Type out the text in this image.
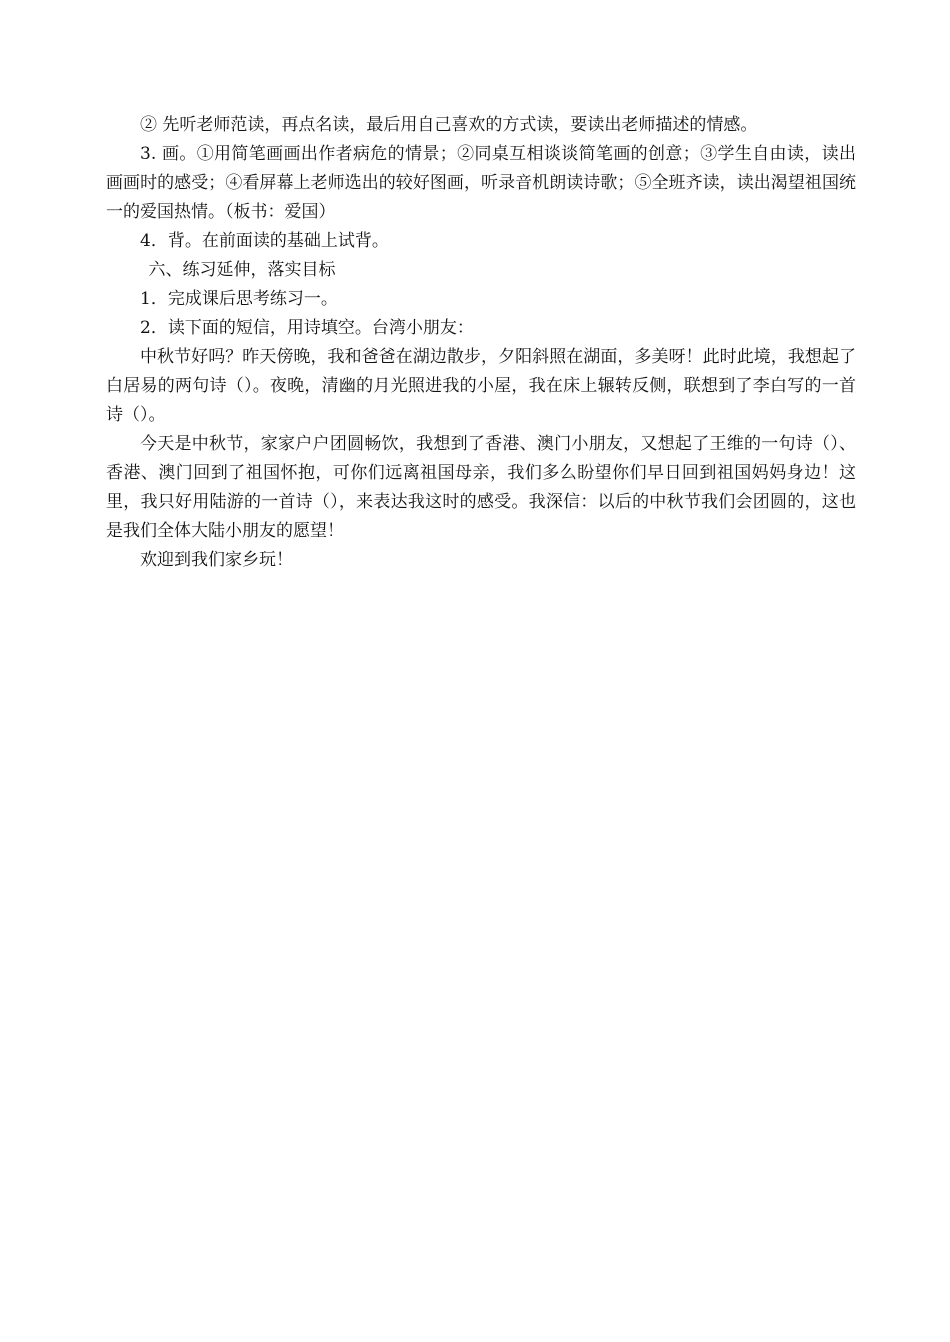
② 先听老师范读，再点名读，最后用自己喜欢的方式读，要读出老师描述的情感。

3. 画。①用简笔画画出作者病危的情景；②同桌互相谈谈简笔画的创意；③学生自由读，读出画画时的感受；④看屏幕上老师选出的较好图画，听录音机朗读诗歌；⑤全班齐读，读出渴望祖国统一的爱国热情。（板书：爱国）

4．背。在前面读的基础上试背。

六、练习延伸，落实目标

1．完成课后思考练习一。

2．读下面的短信，用诗填空。台湾小朋友：

中秋节好吗？昨天傍晚，我和爸爸在湖边散步，夕阳斜照在湖面，多美呀！此时此境，我想起了白居易的两句诗（）。夜晚，清幽的月光照进我的小屋，我在床上辗转反侧，联想到了李白写的一首诗（）。

今天是中秋节，家家户户团圆畅饮，我想到了香港、澳门小朋友，又想起了王维的一句诗（）、香港、澳门回到了祖国怀抱，可你们远离祖国母亲，我们多么盼望你们早日回到祖国妈妈身边！这里，我只好用陆游的一首诗（），来表达我这时的感受。我深信：以后的中秋节我们会团圆的，这也是我们全体大陆小朋友的愿望！

欢迎到我们家乡玩！
